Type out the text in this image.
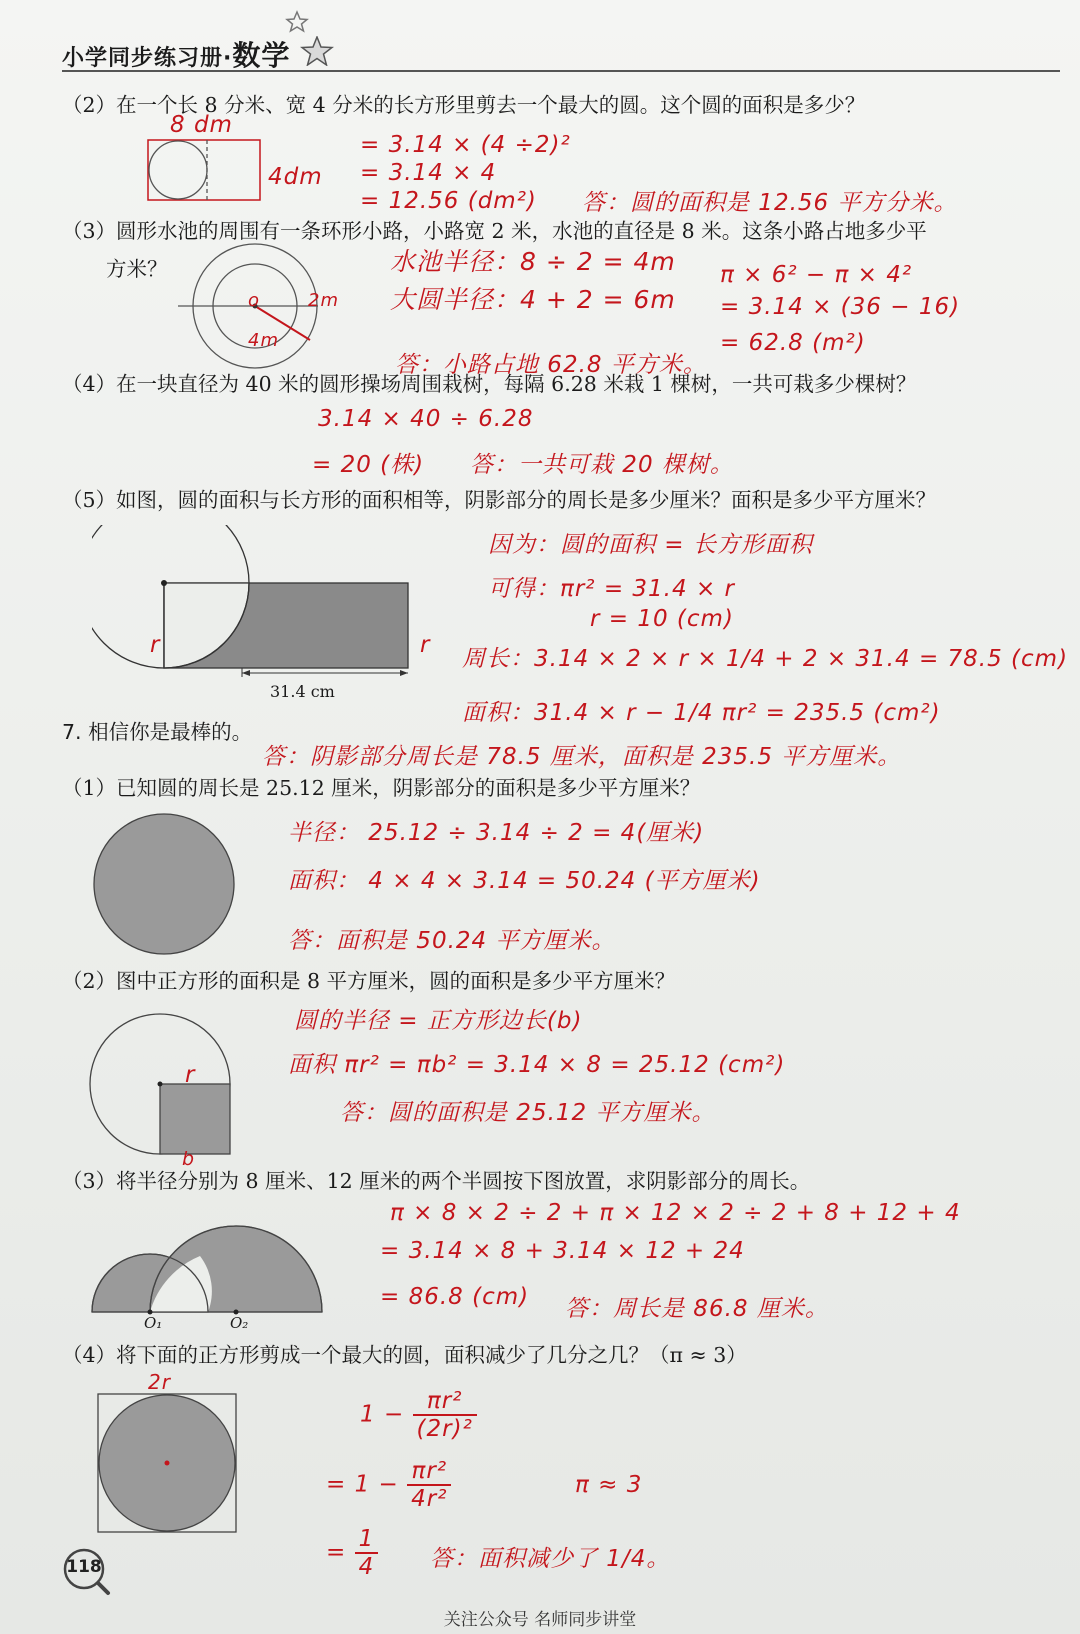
小学同步练习册·数学
（2）在一个长 8 分米、宽 4 分米的长方形里剪去一个最大的圆。这个圆的面积是多少？
8 dm
4dm
= 3.14 × (4 ÷2)²
= 3.14 × 4
= 12.56 (dm²) 答：圆的面积是 12.56 平方分米。
（3）圆形水池的周围有一条环形小路，小路宽 2 米，水池的直径是 8 米。这条小路占地多少平
方米？
o	2m
4m
水池半径：8 ÷ 2 = 4m
大圆半径：4 + 2 = 6m
π × 6² − π × 4²
= 3.14 × (36 − 16)
= 62.8 (m²)
答：小路占地 62.8 平方米。
（4）在一块直径为 40 米的圆形操场周围栽树，每隔 6.28 米栽 1 棵树，一共可栽多少棵树？
3.14 × 40 ÷ 6.28
= 20 (株) 答：一共可栽 20 棵树。
（5）如图，圆的面积与长方形的面积相等，阴影部分的周长是多少厘米？面积是多少平方厘米？
r	r
31.4 cm
因为：圆的面积 = 长方形面积
可得：πr² = 31.4 × r
r = 10 (cm)
周长：3.14 × 2 × r × 1/4 + 2 × 31.4 = 78.5 (cm)
面积：31.4 × r − 1/4 πr² = 235.5 (cm²)
答：阴影部分周长是 78.5 厘米，面积是 235.5 平方厘米。
7. 相信你是最棒的。
（1）已知圆的周长是 25.12 厘米，阴影部分的面积是多少平方厘米？
半径： 25.12 ÷ 3.14 ÷ 2 = 4(厘米)
面积： 4 × 4 × 3.14 = 50.24 (平方厘米)
答：面积是 50.24 平方厘米。
（2）图中正方形的面积是 8 平方厘米，圆的面积是多少平方厘米？
r
b
圆的半径 = 正方形边长(b)
面积 πr² = πb² = 3.14 × 8 = 25.12 (cm²)
答：圆的面积是 25.12 平方厘米。
（3）将半径分别为 8 厘米、12 厘米的两个半圆按下图放置，求阴影部分的周长。
O₁	O₂
π × 8 × 2 ÷ 2 + π × 12 × 2 ÷ 2 + 8 + 12 + 4
= 3.14 × 8 + 3.14 × 12 + 24
= 86.8 (cm) 答：周长是 86.8 厘米。
（4）将下面的正方形剪成一个最大的圆，面积减少了几分之几？（π ≈ 3）
2r
$1 - \frac{\text{πr²}}{\text{(2r)²}}$
= $1 - \frac{\text{πr²}}{\text{4r²}}$	π ≈ 3
= $\frac{1}{4}$ 答：面积减少了 1/4。
118
关注公众号 名师同步讲堂
